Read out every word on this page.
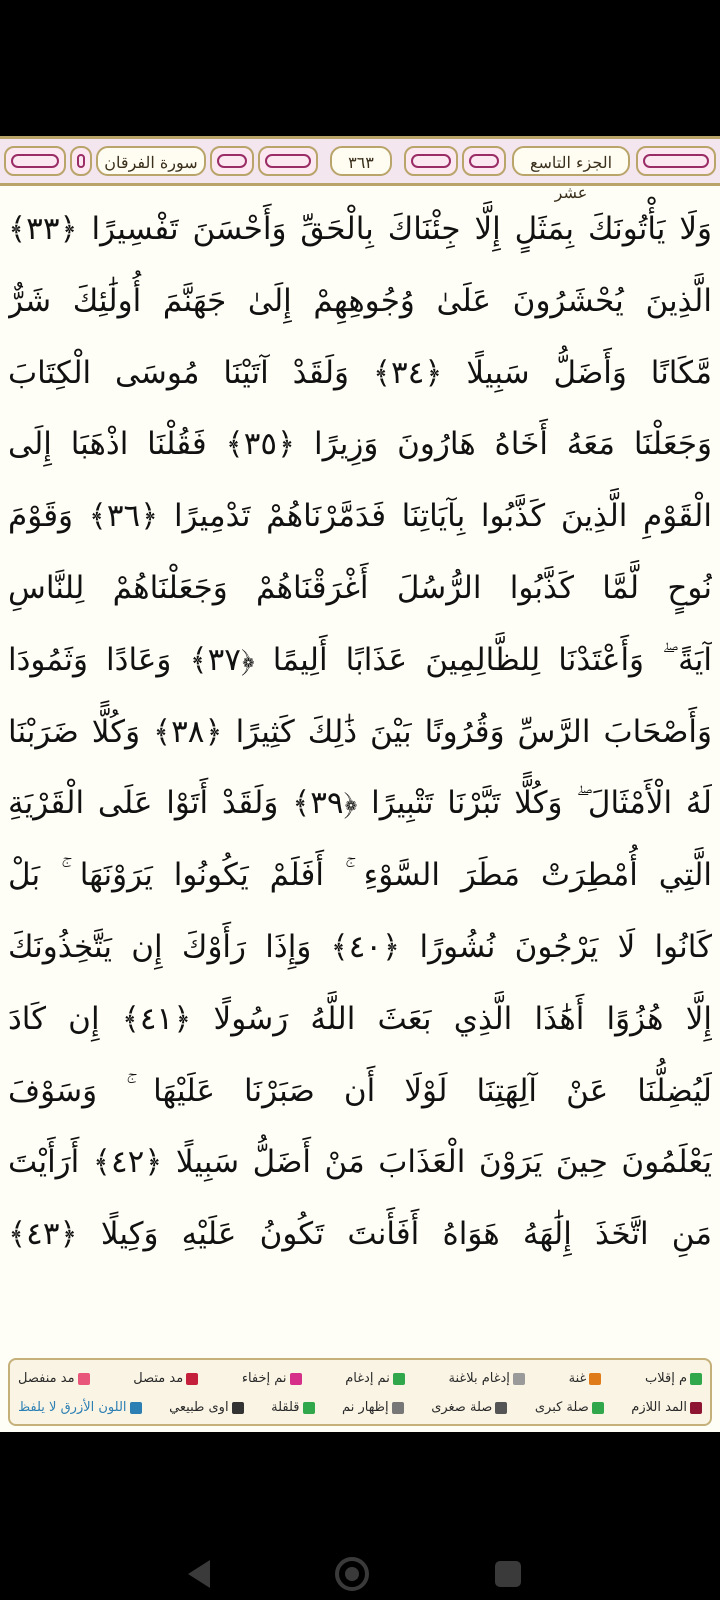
سورة الفرقان	٣٦٣	الجزء التاسع عشر
وَلَا يَأْتُونَكَ بِمَثَلٍ إِلَّا جِئْنَاكَ بِالْحَقِّ وَأَحْسَنَ تَفْسِيرًا ﴿٣٣﴾
الَّذِينَ يُحْشَرُونَ عَلَىٰ وُجُوهِهِمْ إِلَىٰ جَهَنَّمَ أُولَٰئِكَ شَرٌّ
مَّكَانًا وَأَضَلُّ سَبِيلًا ﴿٣٤﴾ وَلَقَدْ آتَيْنَا مُوسَى الْكِتَابَ
وَجَعَلْنَا مَعَهُ أَخَاهُ هَارُونَ وَزِيرًا ﴿٣٥﴾ فَقُلْنَا اذْهَبَا إِلَى
الْقَوْمِ الَّذِينَ كَذَّبُوا بِآيَاتِنَا فَدَمَّرْنَاهُمْ تَدْمِيرًا ﴿٣٦﴾ وَقَوْمَ
نُوحٍ لَّمَّا كَذَّبُوا الرُّسُلَ أَغْرَقْنَاهُمْ وَجَعَلْنَاهُمْ لِلنَّاسِ
آيَةً ۖ وَأَعْتَدْنَا لِلظَّالِمِينَ عَذَابًا أَلِيمًا ﴿٣٧﴾ وَعَادًا وَثَمُودَا
وَأَصْحَابَ الرَّسِّ وَقُرُونًا بَيْنَ ذَٰلِكَ كَثِيرًا ﴿٣٨﴾ وَكُلًّا ضَرَبْنَا
لَهُ الْأَمْثَالَ ۖ وَكُلًّا تَبَّرْنَا تَتْبِيرًا ﴿٣٩﴾ وَلَقَدْ أَتَوْا عَلَى الْقَرْيَةِ
الَّتِي أُمْطِرَتْ مَطَرَ السَّوْءِ ۚ أَفَلَمْ يَكُونُوا يَرَوْنَهَا ۚ بَلْ
كَانُوا لَا يَرْجُونَ نُشُورًا ﴿٤٠﴾ وَإِذَا رَأَوْكَ إِن يَتَّخِذُونَكَ
إِلَّا هُزُوًا أَهَٰذَا الَّذِي بَعَثَ اللَّهُ رَسُولًا ﴿٤١﴾ إِن كَادَ
لَيُضِلُّنَا عَنْ آلِهَتِنَا لَوْلَا أَن صَبَرْنَا عَلَيْهَا ۚ وَسَوْفَ
يَعْلَمُونَ حِينَ يَرَوْنَ الْعَذَابَ مَنْ أَضَلُّ سَبِيلًا ﴿٤٢﴾ أَرَأَيْتَ
مَنِ اتَّخَذَ إِلَٰهَهُ هَوَاهُ أَفَأَنتَ تَكُونُ عَلَيْهِ وَكِيلًا ﴿٤٣﴾
م إقلاب
غنة
إدغام بلاغنة
نم إدغام
نم إخفاء
مد متصل
مد منفصل
المد اللازم
صلة كبرى
صلة صغرى
إظهار نم
قلقلة
اوى طبيعي
اللون الأزرق لا يلفظ
